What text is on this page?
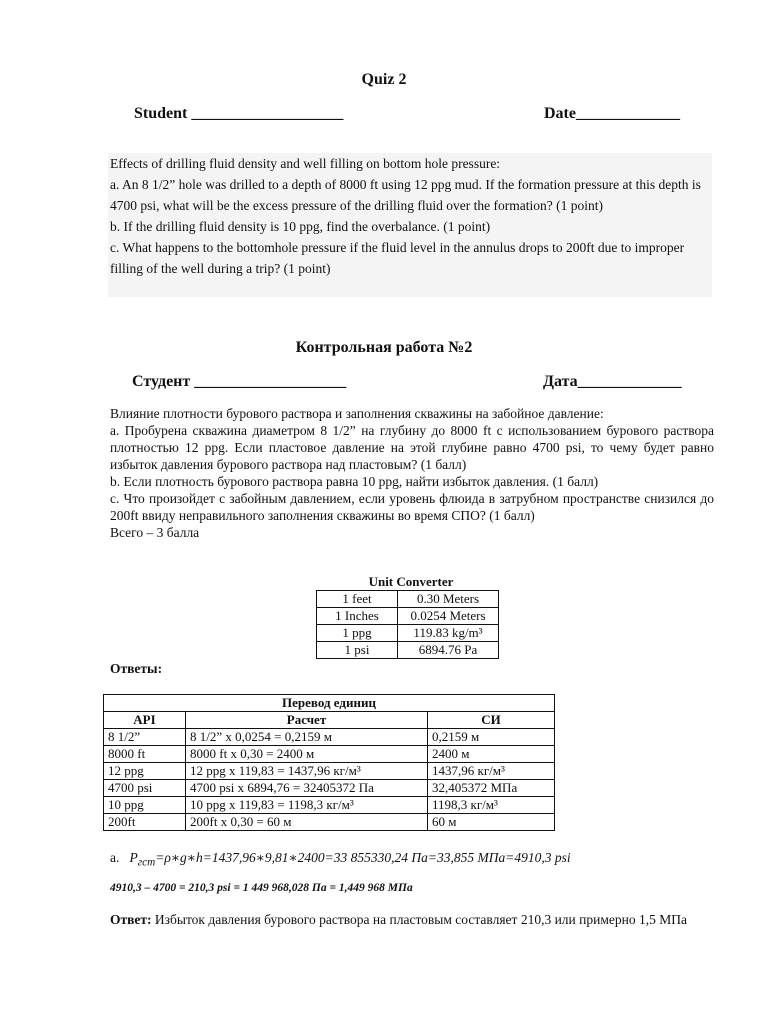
Quiz 2
Student ___________________	Date_____________
Effects of drilling fluid density and well filling on bottom hole pressure:
a. An 8 1/2” hole was drilled to a depth of 8000 ft using 12 ppg mud. If the formation pressure at this depth is 4700 psi, what will be the excess pressure of the drilling fluid over the formation? (1 point)
b. If the drilling fluid density is 10 ppg, find the overbalance. (1 point)
c. What happens to the bottomhole pressure if the fluid level in the annulus drops to 200ft due to improper filling of the well during a trip? (1 point)
Контрольная работа №2
Студент ___________________	Дата_____________
Влияние плотности бурового раствора и заполнения скважины на забойное давление:
a. Пробурена скважина диаметром 8 1/2” на глубину до 8000 ft с использованием бурового раствора плотностью 12 ppg. Если пластовое давление на этой глубине равно 4700 psi, то чему будет равно избыток давления бурового раствора над пластовым? (1 балл)
b. Если плотность бурового раствора равна 10 ppg, найти избыток давления. (1 балл)
c. Что произойдет с забойным давлением, если уровень флюида в затрубном пространстве снизился до 200ft ввиду неправильного заполнения скважины во время СПО? (1 балл)
Всего – 3 балла
Unit Converter
1 feet	0.30 Meters
1 Inches	0.0254 Meters
1 ppg	119.83 kg/m³
1 psi	6894.76 Pa
Ответы:
Перевод единиц		
API	Расчет	СИ
8 1/2”	8 1/2” х 0,0254 = 0,2159 м	0,2159 м
8000 ft	8000 ft х 0,30 = 2400 м	2400 м
12 ppg	12 ppg х 119,83 = 1437,96 кг/м³	1437,96 кг/м³
4700 psi	4700 psi х 6894,76 = 32405372 Па	32,405372 МПа
10 ppg	10 ppg х 119,83 = 1198,3 кг/м³	1198,3 кг/м³
200ft	200ft х 0,30 = 60 м	60 м
a. $P_{гст}=\rho∗g∗h=1437,96∗9,81∗2400=33$ 855330,24 Па=33,855 МПа=4910,3 psi
4910,3 – 4700 = 210,3 psi = 1 449 968,028 Па = 1,449 968 МПа
Ответ: Избыток давления бурового раствора на пластовым составляет 210,3 или примерно 1,5 МПа
